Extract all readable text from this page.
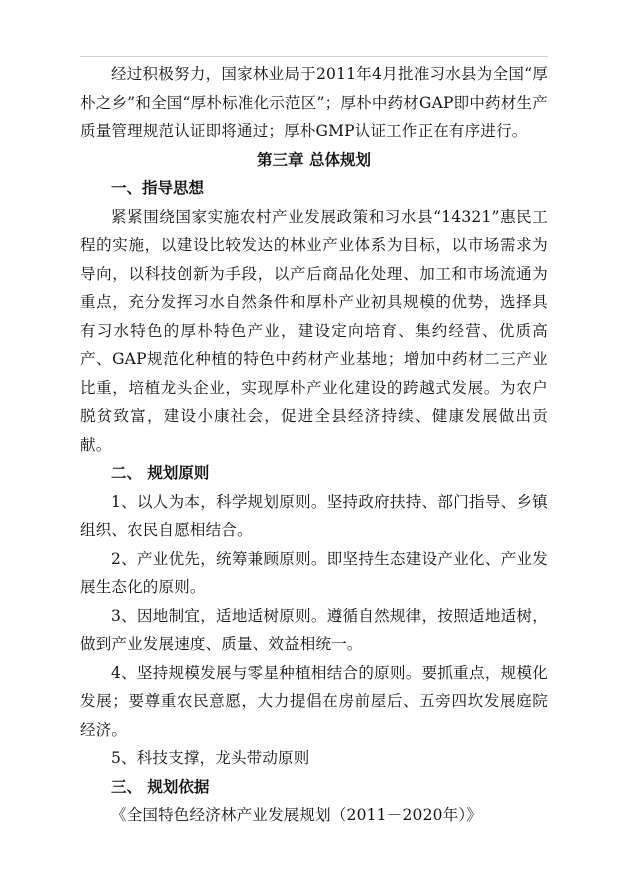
经过积极努力，国家林业局于2011年4月批准习水县为全国“厚朴之乡”和全国“厚朴标准化示范区”；厚朴中药材GAP即中药材生产质量管理规范认证即将通过；厚朴GMP认证工作正在有序进行。

第三章 总体规划

一、指导思想

紧紧围绕国家实施农村产业发展政策和习水县“14321”惠民工程的实施，以建设比较发达的林业产业体系为目标，以市场需求为导向，以科技创新为手段，以产后商品化处理、加工和市场流通为重点，充分发挥习水自然条件和厚朴产业初具规模的优势，选择具有习水特色的厚朴特色产业，建设定向培育、集约经营、优质高产、GAP规范化种植的特色中药材产业基地；增加中药材二三产业比重，培植龙头企业，实现厚朴产业化建设的跨越式发展。为农户脱贫致富，建设小康社会，促进全县经济持续、健康发展做出贡献。

二、 规划原则

1、以人为本，科学规划原则。坚持政府扶持、部门指导、乡镇组织、农民自愿相结合。

2、产业优先，统筹兼顾原则。即坚持生态建设产业化、产业发展生态化的原则。

3、因地制宜，适地适树原则。遵循自然规律，按照适地适树，做到产业发展速度、质量、效益相统一。

4、坚持规模发展与零星种植相结合的原则。要抓重点，规模化发展；要尊重农民意愿，大力提倡在房前屋后、五旁四坎发展庭院经济。

5、科技支撑，龙头带动原则

三、 规划依据

《全国特色经济林产业发展规划（2011－2020年）》
